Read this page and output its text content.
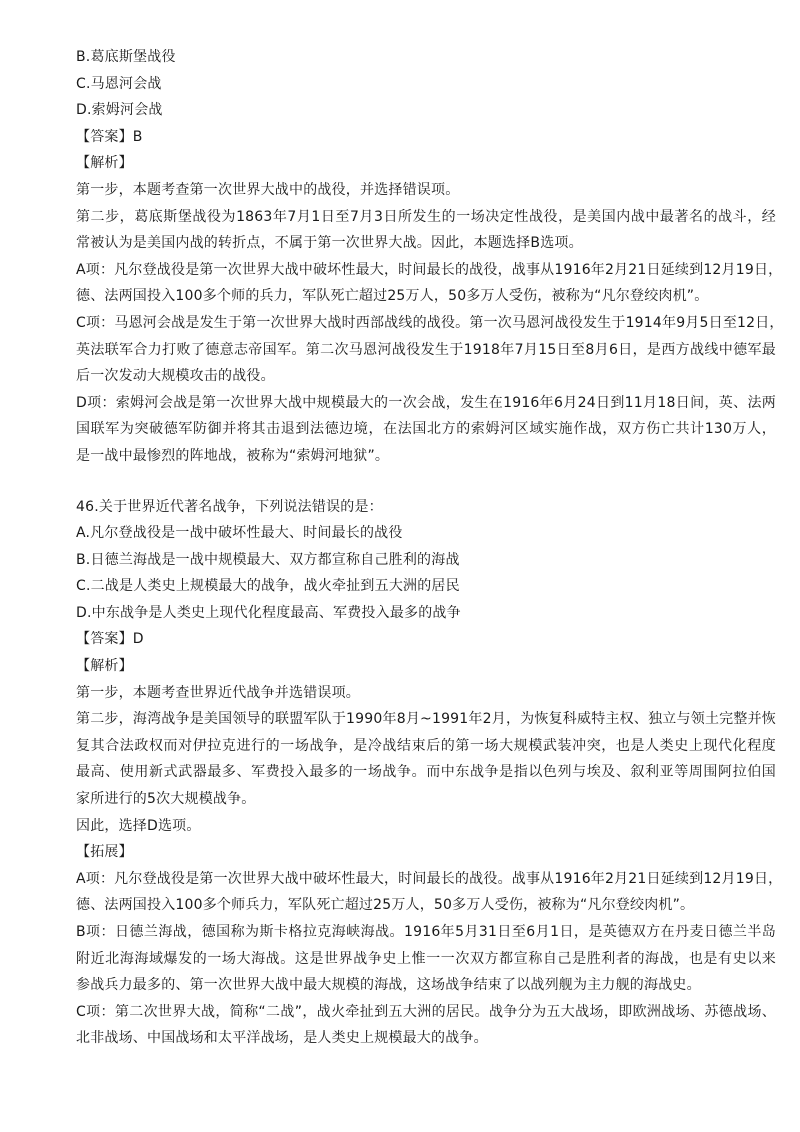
B.葛底斯堡战役
C.马恩河会战
D.索姆河会战
【答案】B
【解析】
第一步，本题考查第一次世界大战中的战役，并选择错误项。
第二步，葛底斯堡战役为1863年7月1日至7月3日所发生的一场决定性战役，是美国内战中最著名的战斗，经
常被认为是美国内战的转折点，不属于第一次世界大战。因此，本题选择B选项。
A项：凡尔登战役是第一次世界大战中破坏性最大，时间最长的战役，战事从1916年2月21日延续到12月19日，
德、法两国投入100多个师的兵力，军队死亡超过25万人，50多万人受伤，被称为“凡尔登绞肉机”。
C项：马恩河会战是发生于第一次世界大战时西部战线的战役。第一次马恩河战役发生于1914年9月5日至12日，
英法联军合力打败了德意志帝国军。第二次马恩河战役发生于1918年7月15日至8月6日，是西方战线中德军最
后一次发动大规模攻击的战役。
D项：索姆河会战是第一次世界大战中规模最大的一次会战，发生在1916年6月24日到11月18日间，英、法两
国联军为突破德军防御并将其击退到法德边境，在法国北方的索姆河区域实施作战，双方伤亡共计130万人，
是一战中最惨烈的阵地战，被称为“索姆河地狱”。
46.关于世界近代著名战争，下列说法错误的是：
A.凡尔登战役是一战中破坏性最大、时间最长的战役
B.日德兰海战是一战中规模最大、双方都宣称自己胜利的海战
C.二战是人类史上规模最大的战争，战火牵扯到五大洲的居民
D.中东战争是人类史上现代化程度最高、军费投入最多的战争
【答案】D
【解析】
第一步，本题考查世界近代战争并选错误项。
第二步，海湾战争是美国领导的联盟军队于1990年8月~1991年2月，为恢复科威特主权、独立与领土完整并恢
复其合法政权而对伊拉克进行的一场战争，是冷战结束后的第一场大规模武装冲突，也是人类史上现代化程度
最高、使用新式武器最多、军费投入最多的一场战争。而中东战争是指以色列与埃及、叙利亚等周围阿拉伯国
家所进行的5次大规模战争。
因此，选择D选项。
【拓展】
A项：凡尔登战役是第一次世界大战中破坏性最大，时间最长的战役。战事从1916年2月21日延续到12月19日，
德、法两国投入100多个师兵力，军队死亡超过25万人，50多万人受伤，被称为“凡尔登绞肉机”。
B项：日德兰海战，德国称为斯卡格拉克海峡海战。1916年5月31日至6月1日，是英德双方在丹麦日德兰半岛
附近北海海域爆发的一场大海战。这是世界战争史上惟一一次双方都宣称自己是胜利者的海战，也是有史以来
参战兵力最多的、第一次世界大战中最大规模的海战，这场战争结束了以战列舰为主力舰的海战史。
C项：第二次世界大战，简称“二战”，战火牵扯到五大洲的居民。战争分为五大战场，即欧洲战场、苏德战场、
北非战场、中国战场和太平洋战场，是人类史上规模最大的战争。
